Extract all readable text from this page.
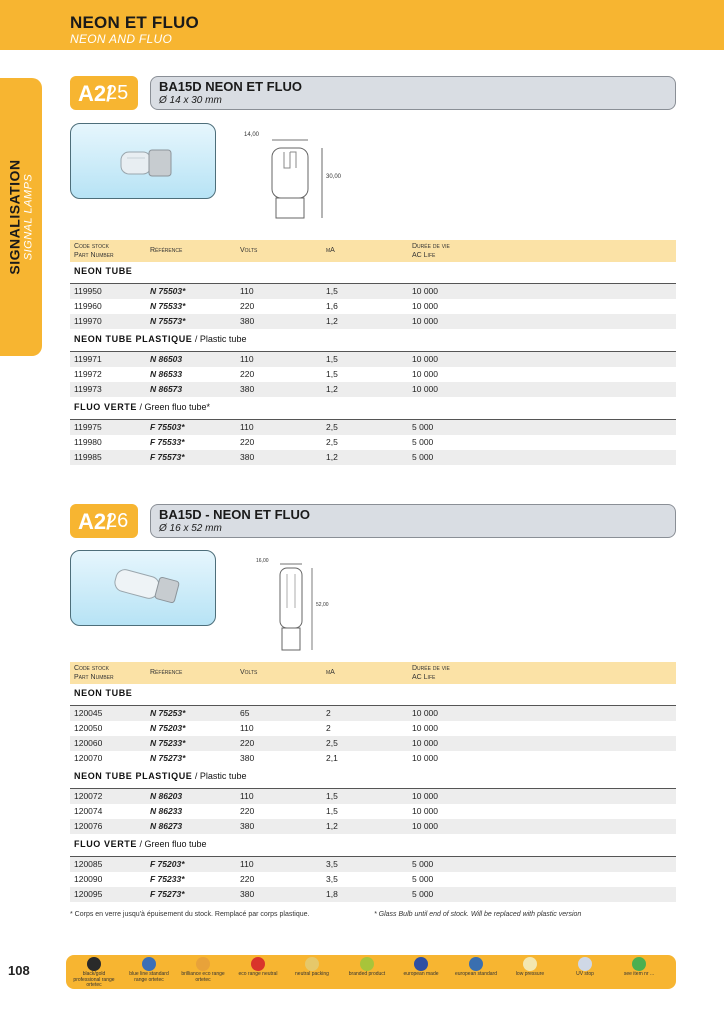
NEON ET FLUO
NEON AND FLUO
SIGNALISATION SIGNAL LAMPS
A2/
25 BA15D NEON ET FLUO
Ø 14 x 30 mm
14,00
30,00
Code stock
Part Number
Référence	Volts	mA
Durée de vie
AC Life
NEON TUBE
119950	N 75503*	110	1,5	10 000
119960	N 75533*	220	1,6	10 000
119970	N 75573*	380	1,2	10 000
NEON TUBE PLASTIQUE / Plastic tube
119971	N 86503	110	1,5	10 000
119972	N 86533	220	1,5	10 000
119973	N 86573	380	1,2	10 000
FLUO VERTE / Green fluo tube*
119975	F 75503*	110	2,5	5 000
119980	F 75533*	220	2,5	5 000
119985	F 75573*	380	1,2	5 000
A2/
26 BA15D - NEON ET FLUO
Ø 16 x 52 mm
16,00
52,00
Code stock
Part Number
Référence	Volts	mA
Durée de vie
AC Life
NEON TUBE
120045	N 75253*	65	2	10 000
120050	N 75203*	110	2	10 000
120060	N 75233*	220	2,5	10 000
120070	N 75273*	380	2,1	10 000
NEON TUBE PLASTIQUE / Plastic tube
120072	N 86203	110	1,5	10 000
120074	N 86233	220	1,5	10 000
120076	N 86273	380	1,2	10 000
FLUO VERTE / Green fluo tube
120085	F 75203*	110	3,5	5 000
120090	F 75233*	220	3,5	5 000
120095	F 75273*	380	1,8	5 000
* Corps en verre jusqu'à épuisement du stock. Remplacé par corps plastique.	* Glass Bulb until end of stock. Will be replaced with plastic version
108	black/gold professional range ortetec
blue line standard range ortetec
brilliance eco range ortetec
eco range neutral	neutral packing	branded product	european made	european standard	low pressure	UV stop	see item nr ...
